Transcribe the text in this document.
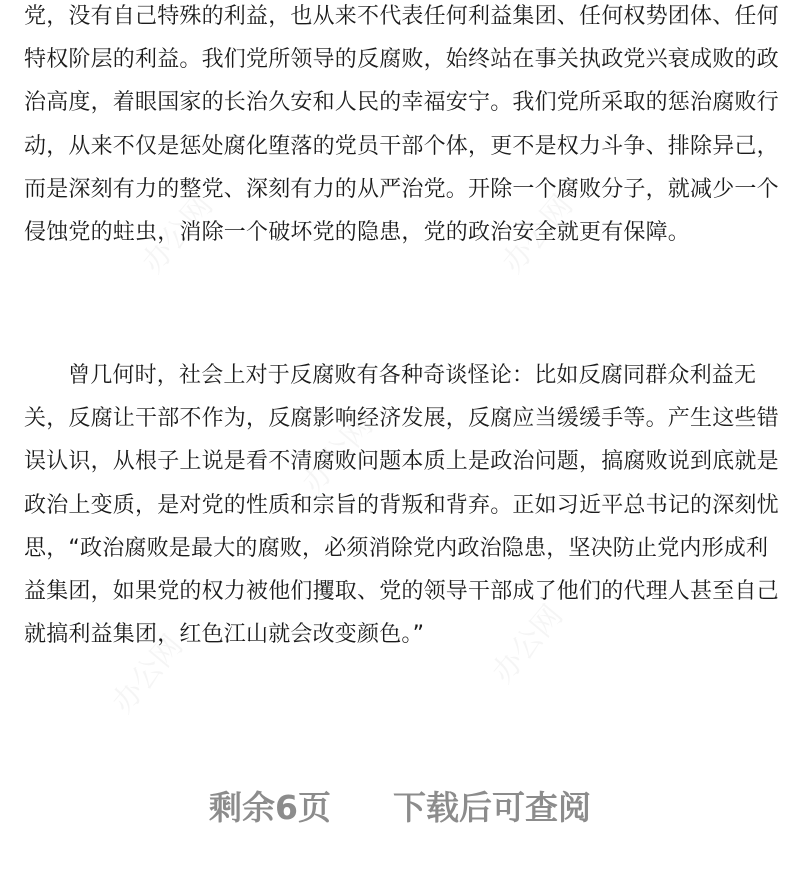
办公网	办公网
办公网
办公网	办公网

党，没有自己特殊的利益，也从来不代表任何利益集团、任何权势团体、任何特权阶层的利益。我们党所领导的反腐败，始终站在事关执政党兴衰成败的政治高度，着眼国家的长治久安和人民的幸福安宁。我们党所采取的惩治腐败行动，从来不仅是惩处腐化堕落的党员干部个体，更不是权力斗争、排除异己，而是深刻有力的整党、深刻有力的从严治党。开除一个腐败分子，就减少一个侵蚀党的蛀虫，消除一个破坏党的隐患，党的政治安全就更有保障。

曾几何时，社会上对于反腐败有各种奇谈怪论：比如反腐同群众利益无关，反腐让干部不作为，反腐影响经济发展，反腐应当缓缓手等。产生这些错误认识，从根子上说是看不清腐败问题本质上是政治问题，搞腐败说到底就是政治上变质，是对党的性质和宗旨的背叛和背弃。正如习近平总书记的深刻忧思，“政治腐败是最大的腐败，必须消除党内政治隐患，坚决防止党内形成利益集团，如果党的权力被他们攫取、党的领导干部成了他们的代理人甚至自己就搞利益集团，红色江山就会改变颜色。”

剩余6页 下载后可查阅
